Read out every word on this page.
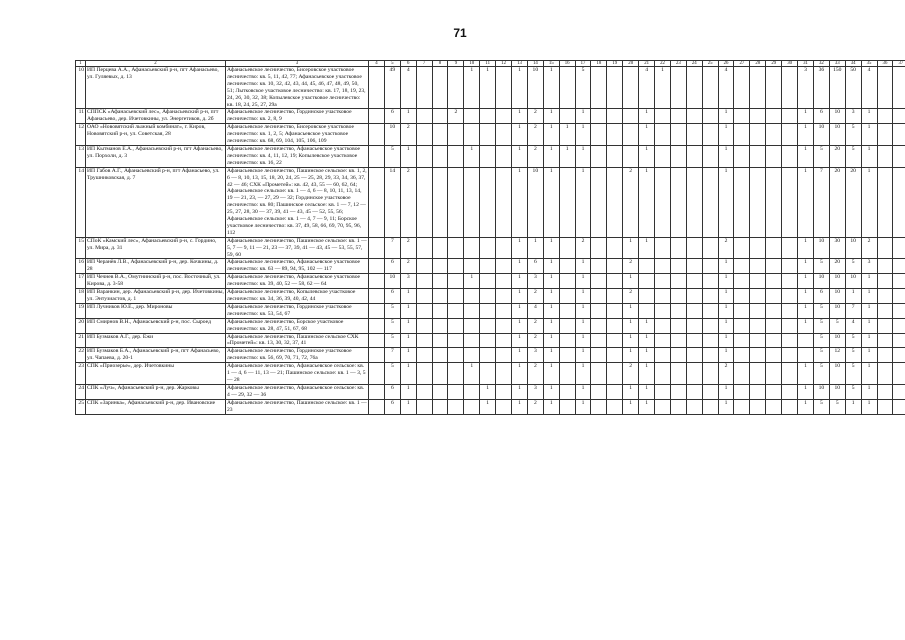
71
1	2	3	4	5	6	7	8	9	10	11	12	13	14	15	16	17	18	19	20	21	22	23	24	25	26	27	28	29	30	31	32	33	34	35	36	37	
10	ИП Перцева А.А., Афанасьевский р-н, пгт Афанасьево, ул. Гуляевых, д. 13	Афанасьевское лесничество, Бисеровское участковое лесничество: кв. 5, 11, 42, 77; Афанасьевское участковое лесничество: кв. 10, 32, 42, 43, 44, 45, 46, 47, 48, 49, 50, 51; Лытковское участковое лесничество: кв. 17, 18, 19, 23, 24, 26, 30, 32, 38; Копылевское участковое лесничество: кв. 18, 24, 25, 27, 29а		49	4				1	1		1	10	1		5				4	1				4					3	36	150	50	4					
11	СППСК «Афанасьевский лес», Афанасьевский р-н, пгт Афанасьево, дер. Ичетовкины, ул. Энергетиков, д. 2б	Афанасьевское лесничество, Гординское участковое лесничество: кв. 2, 8, 9		6	1			2				1	2	1		1				1					1					1	6	10	3	1					
12	ОАО «Нововятский лыжный комбинат», г. Киров, Нововятский р-н, ул. Советская, 28	Афанасьевское лесничество, Бисеровское участковое лесничество: кв. 1, 2, 5; Афанасьевское участковое лесничество: кв. 68, 69, 104, 105, 106, 109		10	2							1	2	1	1	1				1					1					1	10	10	5	1					
13	ИП Кытманов Е.А., Афанасьевский р-н, пгт Афанасьево, ул. Порхоли, д. 3	Афанасьевское лесничество, Афанасьевское участковое лесничество: кв. 4, 11, 12, 19; Копылевское участковое лесничество: кв. 16, 22		5	1				1			1	2	1	1	1				1					1					1	5	20	5	1					
14	ИП Габов А.Г., Афанасьевский р-н, пгт Афанасьево, ул. Трушниковская, д. 7	Афанасьевское лесничество, Пашинское сельское: кв. 1, 2, 6 — 8, 10, 13, 15, 18, 20, 24, 25 — 25, 28, 29, 33, 34, 36, 37, 42 — 46; СХК «Прометей»: кв. 42, 43, 55 — 60, 62, 64; Афанасьевское сельское: кв. 1 — 4, 6 — 8, 10, 11, 13, 14, 19 — 21, 23, — 27, 29 — 32; Гординское участковое лесничество: кв. 80; Пашинское сельское: кв. 1 — 7, 12 — 25, 27, 28, 30 — 37, 39, 41 — 43, 45 — 52, 55, 56; Афанасьевское сельское: кв. 1 — 4, 7 — 9, 11; Борское участковое лесничество: кв. 37, 49, 58, 66, 69, 70, 95, 96, 112		14	2							1	10	1		1			2	1					1					1	7	20	20	1					
15	СПоК «Камский лес», Афанасьевский р-н, с. Гордино, ул. Мира, д. 31	Афанасьевское лесничество, Пашинское сельское: кв. 1 — 5, 7 — 9, 11 — 21, 23 — 37, 39, 41 — 43, 45 — 53, 55, 57, 59, 60		7	2							1	1	1		2			1	1					2					1	10	30	10	2					
16	ИП Черанёв Л.В., Афанасьевский р-н, дер. Кочкины, д. 28	Афанасьевское лесничество, Афанасьевское участковое лесничество: кв. 63 — 89, 94, 95, 102 — 117		6	2							1	6	1		1			2						1					1	5	20	5	3					
17	ИП Чечнев В.А., Омутнинский р-н, пос. Восточный, ул. Кирова, д. 3-58	Афанасьевское лесничество, Афанасьевское участковое лесничество: кв. 39, 40, 52 — 58, 62 — 64		10	3				1			1	3	1		1			1						1					1	10	10	10	1					
18	ИП Варанкин, дер. Афанасьевский р-н, дер. Ичетовкины, ул. Энтузиастов, д. 1	Афанасьевское лесничество, Копылевское участковое лесничество: кв. 34, 36, 39, 40, 42, 44		6	1							1	2	1		1			2						1					1	6	10	1	1					
19	ИП Лучников Ю.Е., дер. Мироновы	Афанасьевское лесничество, Гординское участковое лесничество: кв. 53, 54, 67		5	1							1	4	1		1			1						1					1	5	10	7	1					
20	ИП Смирнов В.Н., Афанасьевский р-н, пос. Сыроед	Афанасьевское лесничество, Борское участковое лесничество: кв. 28, 47, 51, 67, 68		5	1							1	2	1		1			1	1					1					1	5	5	4	1					
21	ИП Бузмаков А.Г., дер. Ежи	Афанасьевское лесничество, Пашинское сельское СХК «Прометей»: кв. 13, 30, 32, 37, 41		5	1							1	2	1		1			1	1					1						5	10	5	1					
22	ИП Бузмаков Б.А., Афанасьевский р-н, пгт Афанасьево, ул. Чапаева, д. 20-1	Афанасьевское лесничество, Гординское участковое лесничество: кв. 56, 69, 70, 71, 72, 76а		7	1							1	3	1		1			1	1					1						5	12	5	1					
23	СПК «Приозерье», дер. Ичетовкины	Афанасьевское лесничество, Афанасьевское сельское: кв. 1 — 4, 6 — 11, 13 — 21; Пашинское сельское: кв. 1 — 3, 5 — 28		5	1				1			1	2	1		1			2	1					2					1	5	10	5	1					
24	СПК «Луч», Афанасьевский р-н, дер. Жарковы	Афанасьевское лесничество, Афанасьевское сельское: кв. 4 — 29, 32 — 36		6	1					1		1	3	1		1			1	1					1					1	10	10	5	1					
25	СПК «Заринка», Афанасьевский р-н, дер. Ивановские	Афанасьевское лесничество, Пашинское сельское: кв. 1 — 23		6	1					1		1	2	1		1			1	1					1					1	5	5	1	1					
